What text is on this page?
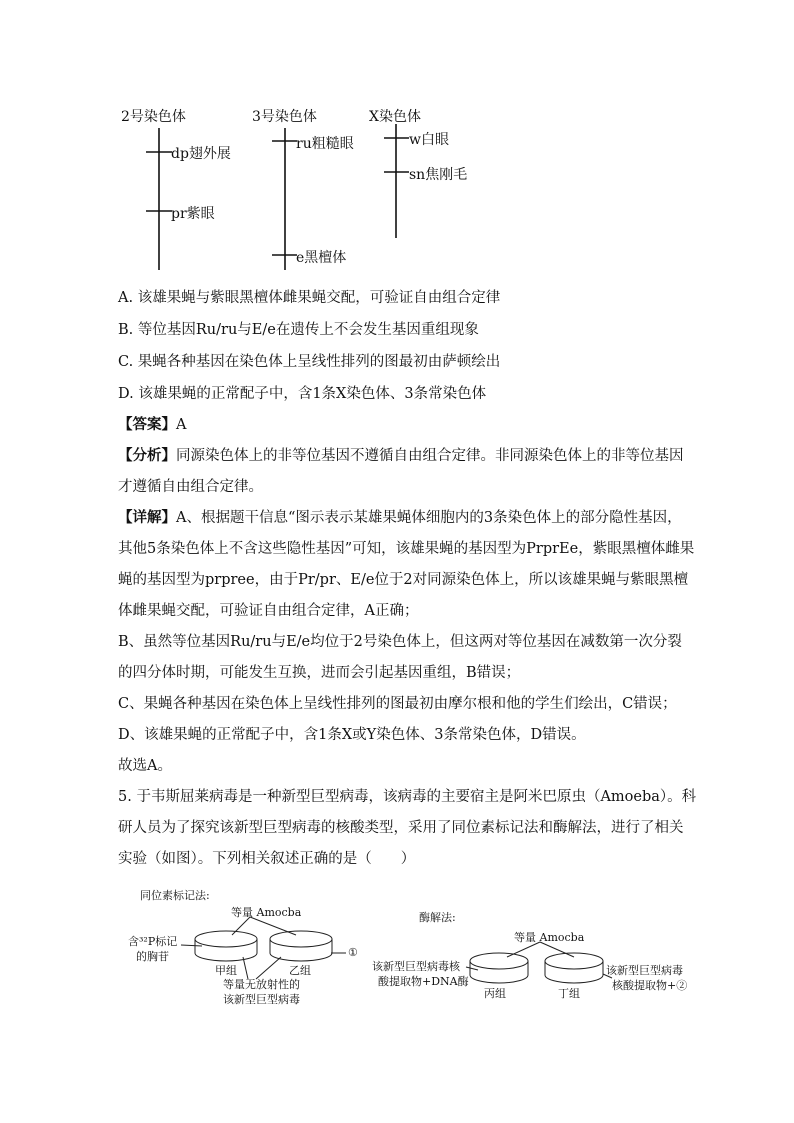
2号染色体	3号染色体	X染色体
dp翅外展
pr紫眼
ru粗糙眼
e黑檀体
w白眼
sn焦刚毛
A. 该雄果蝇与紫眼黑檀体雌果蝇交配，可验证自由组合定律
B. 等位基因Ru/ru与E/e在遗传上不会发生基因重组现象
C. 果蝇各种基因在染色体上呈线性排列的图最初由萨顿绘出
D. 该雄果蝇的正常配子中，含1条X染色体、3条常染色体
【答案】A
【分析】同源染色体上的非等位基因不遵循自由组合定律。非同源染色体上的非等位基因
才遵循自由组合定律。
【详解】A、根据题干信息“图示表示某雄果蝇体细胞内的3条染色体上的部分隐性基因，
其他5条染色体上不含这些隐性基因”可知，该雄果蝇的基因型为PrprEe，紫眼黑檀体雌果
蝇的基因型为prpree，由于Pr/pr、E/e位于2对同源染色体上，所以该雄果蝇与紫眼黑檀
体雌果蝇交配，可验证自由组合定律，A正确；
B、虽然等位基因Ru/ru与E/e均位于2号染色体上，但这两对等位基因在减数第一次分裂
的四分体时期，可能发生互换，进而会引起基因重组，B错误；
C、果蝇各种基因在染色体上呈线性排列的图最初由摩尔根和他的学生们绘出，C错误；
D、该雄果蝇的正常配子中，含1条X或Y染色体、3条常染色体，D错误。
故选A。
5. 于韦斯屈莱病毒是一种新型巨型病毒，该病毒的主要宿主是阿米巴原虫（Amoeba）。科
研人员为了探究该新型巨型病毒的核酸类型，采用了同位素标记法和酶解法，进行了相关
实验（如图）。下列相关叙述正确的是（　　）
同位素标记法:
等量 Amocba
含³²P标记
的胸苷	①
甲组	乙组
等量无放射性的
该新型巨型病毒
酶解法:
等量 Amocba
该新型巨型病毒核
酸提取物+DNA酶
丙组	丁组
该新型巨型病毒
核酸提取物+②
